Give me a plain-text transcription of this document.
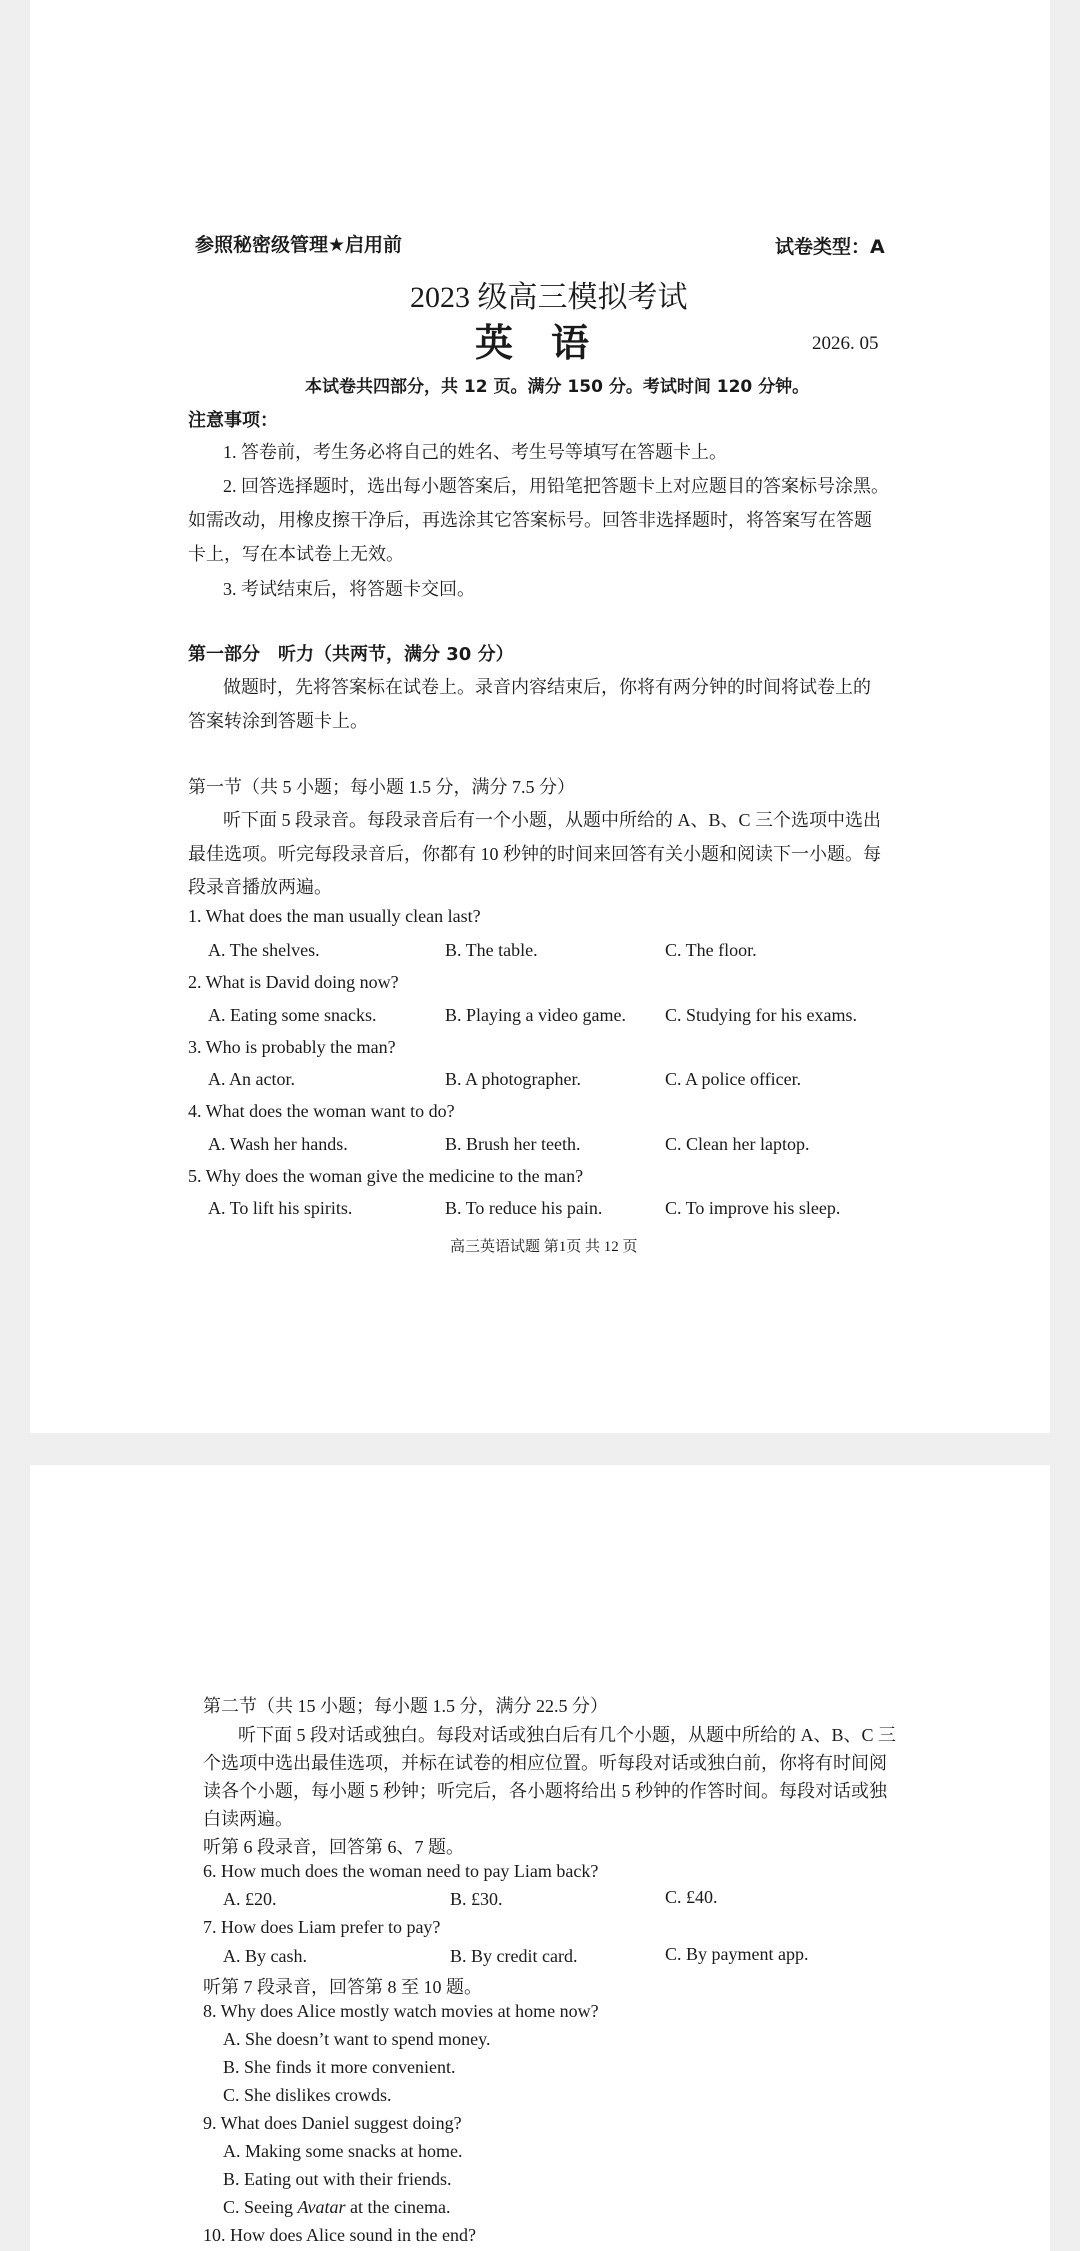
参照秘密级管理★启用前	试卷类型：A
2023 级高三模拟考试
英　语	2026. 05
本试卷共四部分，共 12 页。满分 150 分。考试时间 120 分钟。
注意事项：
1. 答卷前，考生务必将自己的姓名、考生号等填写在答题卡上。
2. 回答选择题时，选出每小题答案后，用铅笔把答题卡上对应题目的答案标号涂黑。
如需改动，用橡皮擦干净后，再选涂其它答案标号。回答非选择题时，将答案写在答题
卡上，写在本试卷上无效。
3. 考试结束后，将答题卡交回。
第一部分　听力（共两节，满分 30 分）
做题时，先将答案标在试卷上。录音内容结束后，你将有两分钟的时间将试卷上的
答案转涂到答题卡上。
第一节（共 5 小题；每小题 1.5 分，满分 7.5 分）
听下面 5 段录音。每段录音后有一个小题，从题中所给的 A、B、C 三个选项中选出
最佳选项。听完每段录音后，你都有 10 秒钟的时间来回答有关小题和阅读下一小题。每
段录音播放两遍。
1. What does the man usually clean last?
A. The shelves.	B. The table.	C. The floor.
2. What is David doing now?
A. Eating some snacks.	B. Playing a video game. C. Studying for his exams.
3. Who is probably the man?
A. An actor.	B. A photographer.	C. A police officer.
4. What does the woman want to do?
A. Wash her hands.	B. Brush her teeth.	C. Clean her laptop.
5. Why does the woman give the medicine to the man?
A. To lift his spirits.	B. To reduce his pain.	C. To improve his sleep.
高三英语试题 第1页 共 12 页
第二节（共 15 小题；每小题 1.5 分，满分 22.5 分）
听下面 5 段对话或独白。每段对话或独白后有几个小题，从题中所给的 A、B、C 三
个选项中选出最佳选项，并标在试卷的相应位置。听每段对话或独白前，你将有时间阅
读各个小题，每小题 5 秒钟；听完后，各小题将给出 5 秒钟的作答时间。每段对话或独
白读两遍。
听第 6 段录音，回答第 6、7 题。
6. How much does the woman need to pay Liam back?
A. £20.	B. £30.	C. £40.
7. How does Liam prefer to pay?
A. By cash.	B. By credit card.	C. By payment app.
听第 7 段录音，回答第 8 至 10 题。
8. Why does Alice mostly watch movies at home now?
A. She doesn’t want to spend money.
B. She finds it more convenient.
C. She dislikes crowds.
9. What does Daniel suggest doing?
A. Making some snacks at home.
B. Eating out with their friends.
C. Seeing Avatar at the cinema.
10. How does Alice sound in the end?
